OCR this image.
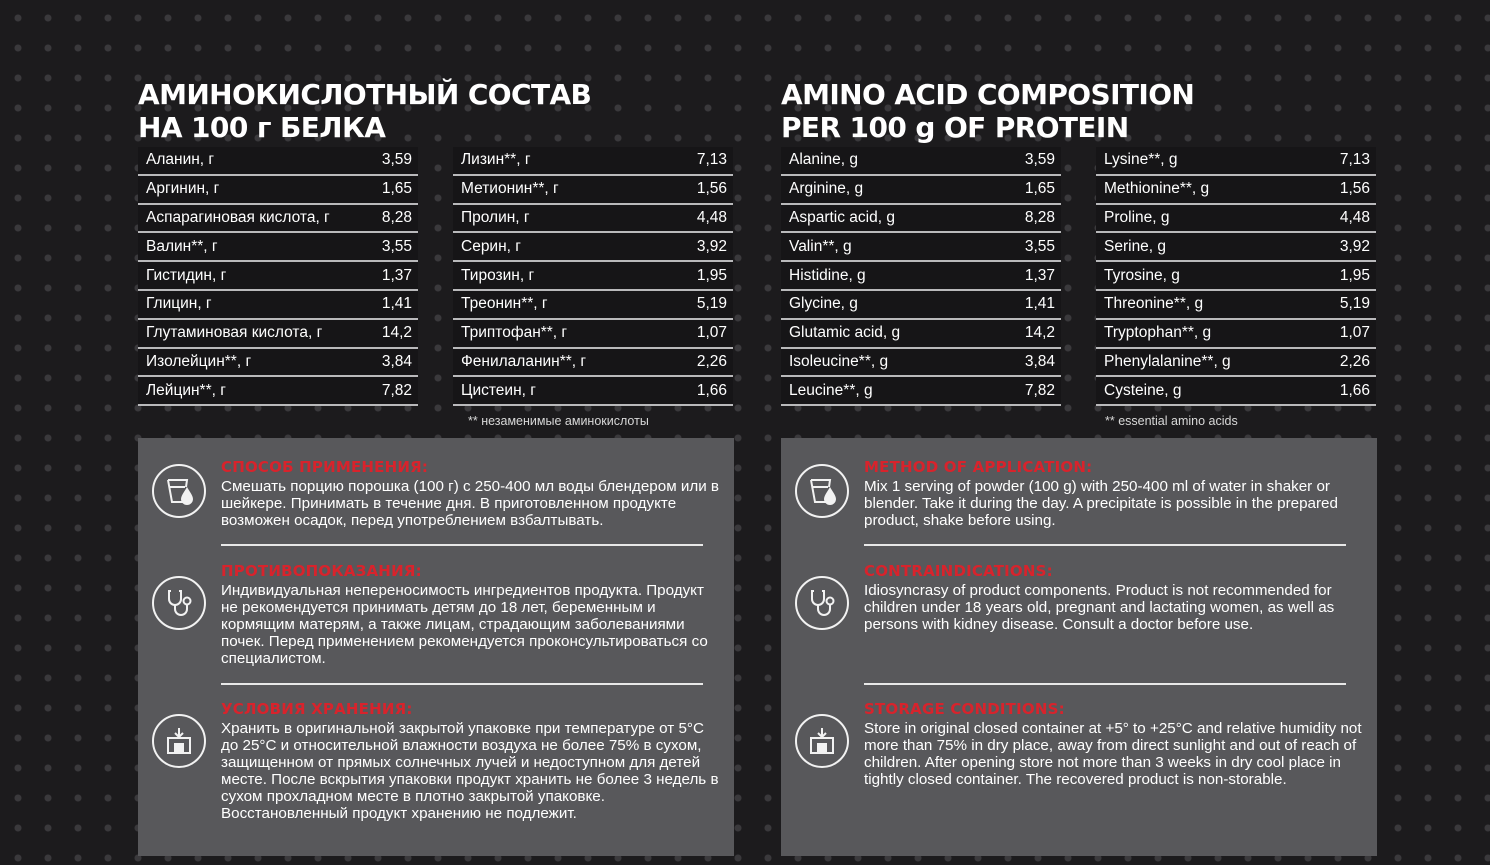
АМИНОКИСЛОТНЫЙ СОСТАВ
НА 100 г БЕЛКА
Аланин, г	3,59
Аргинин, г	1,65
Аспарагиновая кислота, г	8,28
Валин**, г	3,55
Гистидин, г	1,37
Глицин, г	1,41
Глутаминовая кислота, г	14,2
Изолейцин**, г	3,84
Лейцин**, г	7,82
Лизин**, г	7,13
Метионин**, г	1,56
Пролин, г	4,48
Серин, г	3,92
Тирозин, г	1,95
Треонин**, г	5,19
Триптофан**, г	1,07
Фенилаланин**, г	2,26
Цистеин, г	1,66
** незаменимые аминокислоты
СПОСОБ ПРИМЕНЕНИЯ:
Смешать порцию порошка (100 г) с 250-400 мл воды блендером или в шейкере. Принимать в течение дня. В приготовленном продукте возможен осадок, перед употреблением взбалтывать.
ПРОТИВОПОКАЗАНИЯ:
Индивидуальная непереносимость ингредиентов продукта. Продукт не рекомендуется принимать детям до 18 лет, беременным и кормящим матерям, а также лицам, страдающим заболеваниями почек. Перед применением рекомендуется проконсультироваться со специалистом.
УСЛОВИЯ ХРАНЕНИЯ:
Хранить в оригинальной закрытой упаковке при температуре от 5°С до 25°С и относительной влажности воздуха не более 75% в сухом, защищенном от прямых солнечных лучей и недоступном для детей месте. После вскрытия упаковки продукт хранить не более 3 недель в сухом прохладном месте в плотно закрытой упаковке. Восстановленный продукт хранению не подлежит.
AMINO ACID COMPOSITION
PER 100 g OF PROTEIN
Alanine, g	3,59
Arginine, g	1,65
Aspartic acid, g	8,28
Valin**, g	3,55
Histidine, g	1,37
Glycine, g	1,41
Glutamic acid, g	14,2
Isoleucine**, g	3,84
Leucine**, g	7,82
Lysine**, g	7,13
Methionine**, g	1,56
Proline, g	4,48
Serine, g	3,92
Tyrosine, g	1,95
Threonine**, g	5,19
Tryptophan**, g	1,07
Phenylalanine**, g	2,26
Cysteine, g	1,66
** essential amino acids
METHOD OF APPLICATION:
Mix 1 serving of powder (100 g) with 250-400 ml of water in shaker or blender. Take it during the day. A precipitate is possible in the prepared product, shake before using.
CONTRAINDICATIONS:
Idiosyncrasy of product components. Product is not recommended for children under 18 years old, pregnant and lactating women, as well as persons with kidney disease. Consult a doctor before use.
STORAGE CONDITIONS:
Store in original closed container at +5° to +25°С and relative humidity not more than 75% in dry place, away from direct sunlight and out of reach of children. After opening store not more than 3 weeks in dry cool place in tightly closed container. The recovered product is non-storable.
